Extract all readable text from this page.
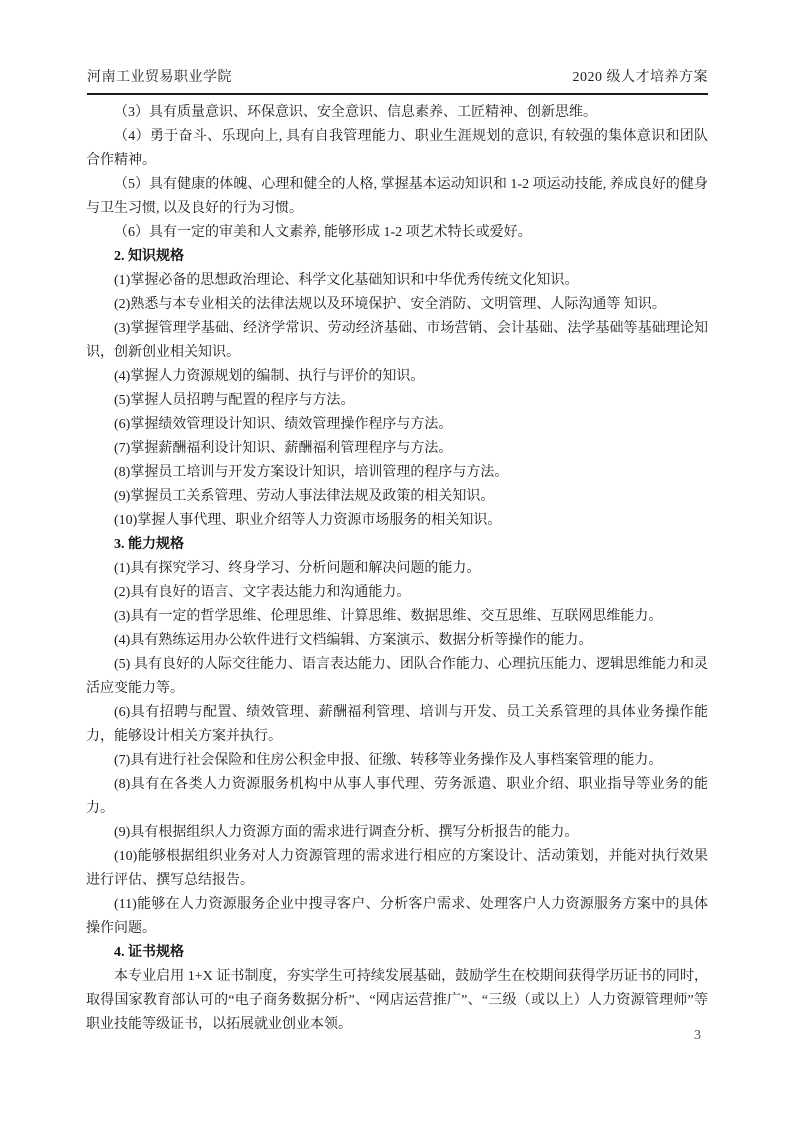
河南工业贸易职业学院	2020 级人才培养方案

（3）具有质量意识、环保意识、安全意识、信息素养、工匠精神、创新思维。

（4）勇于奋斗、乐现向上, 具有自我管理能力、职业生涯规划的意识, 有较强的集体意识和团队合作精神。

（5）具有健康的体魄、心理和健全的人格, 掌握基本运动知识和 1-2 项运动技能, 养成良好的健身与卫生习惯, 以及良好的行为习惯。

（6）具有一定的审美和人文素养, 能够形成 1-2 项艺术特长或爱好。

2. 知识规格

(1)掌握必备的思想政治理论、科学文化基础知识和中华优秀传统文化知识。

(2)熟悉与本专业相关的法律法规以及环境保护、安全消防、文明管理、人际沟通等 知识。

(3)掌握管理学基础、经济学常识、劳动经济基础、市场营销、会计基础、法学基础等基础理论知识，创新创业相关知识。

(4)掌握人力资源规划的编制、执行与评价的知识。

(5)掌握人员招聘与配置的程序与方法。

(6)掌握绩效管理设计知识、绩效管理操作程序与方法。

(7)掌握薪酬福利设计知识、薪酬福利管理程序与方法。

(8)掌握员工培训与开发方案设计知识，培训管理的程序与方法。

(9)掌握员工关系管理、劳动人事法律法规及政策的相关知识。

(10)掌握人事代理、职业介绍等人力资源市场服务的相关知识。

3. 能力规格

(1)具有探究学习、终身学习、分析问题和解决问题的能力。

(2)具有良好的语言、文字表达能力和沟通能力。

(3)具有一定的哲学思维、伦理思维、计算思维、数据思维、交互思维、互联网思维能力。

(4)具有熟练运用办公软件进行文档编辑、方案演示、数据分析等操作的能力。

(5) 具有良好的人际交往能力、语言表达能力、团队合作能力、心理抗压能力、逻辑思维能力和灵活应变能力等。

(6)具有招聘与配置、绩效管理、薪酬福利管理、培训与开发、员工关系管理的具体业务操作能力，能够设计相关方案并执行。

(7)具有进行社会保险和住房公积金申报、征缴、转移等业务操作及人事档案管理的能力。

(8)具有在各类人力资源服务机构中从事人事代理、劳务派遣、职业介绍、职业指导等业务的能力。

(9)具有根据组织人力资源方面的需求进行调查分析、撰写分析报告的能力。

(10)能够根据组织业务对人力资源管理的需求进行相应的方案设计、活动策划，并能对执行效果进行评估、撰写总结报告。

(11)能够在人力资源服务企业中搜寻客户、分析客户需求、处理客户人力资源服务方案中的具体操作问题。

4. 证书规格

本专业启用 1+X 证书制度，夯实学生可持续发展基础，鼓励学生在校期间获得学历证书的同时，取得国家教育部认可的“电子商务数据分析”、“网店运营推广”、“三级（或以上）人力资源管理师”等职业技能等级证书，以拓展就业创业本领。

3
